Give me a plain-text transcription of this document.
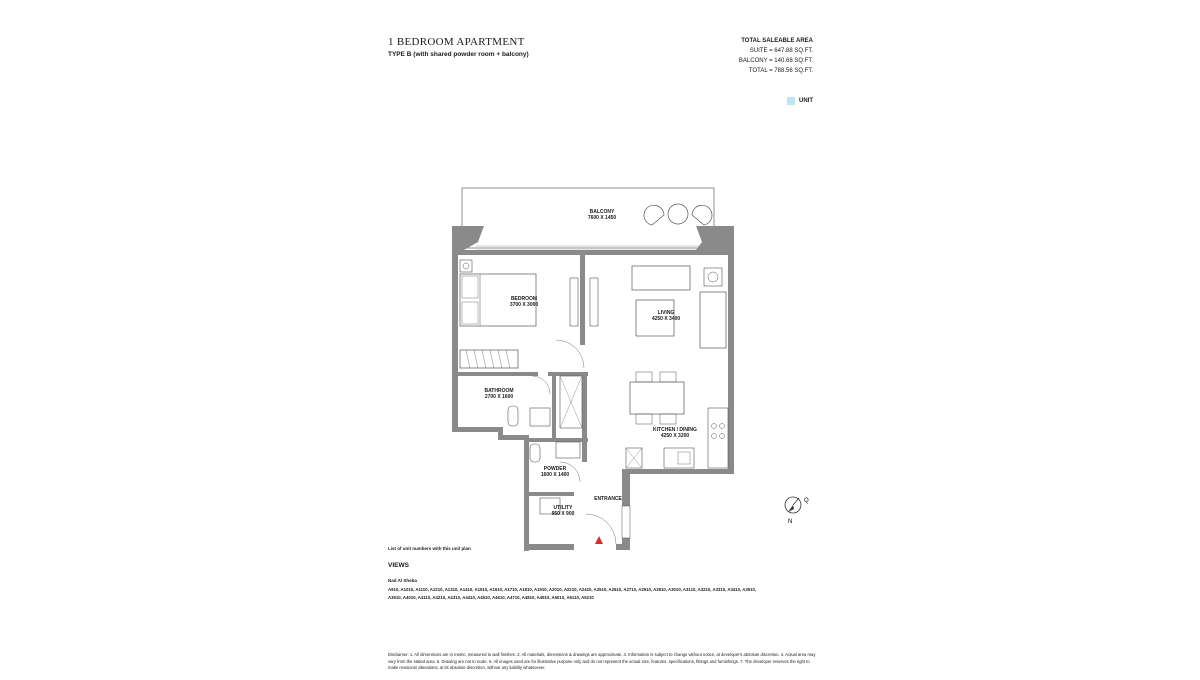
1 BEDROOM APARTMENT
TYPE B (with shared powder room + balcony)
TOTAL SALEABLE AREA
SUITE = 647.88 SQ.FT.
BALCONY = 140.68 SQ.FT.
TOTAL = 788.56 SQ.FT.
UNIT
BALCONY
7600 X 1450
BEDROOM
3700 X 3000
LIVING
4250 X 3400
BATHROOM
2700 X 1600
KITCHEN / DINING
4250 X 3200
POWDER
1600 X 1400
UTILITY
950 X 900
ENTRANCE	Q
N
List of unit numbers with this unit plan
VIEWS
Nad Al Sheba
A910, A1010, A1110, A1210, A1310, A1410, A1510, A1610, A1710, A1810, A1910, A2010, A2210, A2410, A2510, A2610, A2710, A2910, A2810, A3010, A3110, A3210, A3310, A3410, A3510, A3610, A4010, A4110, A4210, A4310, A4410, A4510, A4610, A4710, A4810, A4910, A5010, A5110, A5210
Disclaimer: 1. All dimensions are in metric, measured to wall finishes. 2. All materials, dimensions & drawings are approximate. 3. Information is subject to change without notice, at developer's absolute discretion. 4. Actual area may vary from the stated area. 5. Drawing are not to scale. 6. All images used are for illustrative purpose only and do not represent the actual size, features, specifications, fittings and furnishings. 7. The developer reserves the right to make revisions/ alterations, at its absolute discretion, without any liability whatsoever.
